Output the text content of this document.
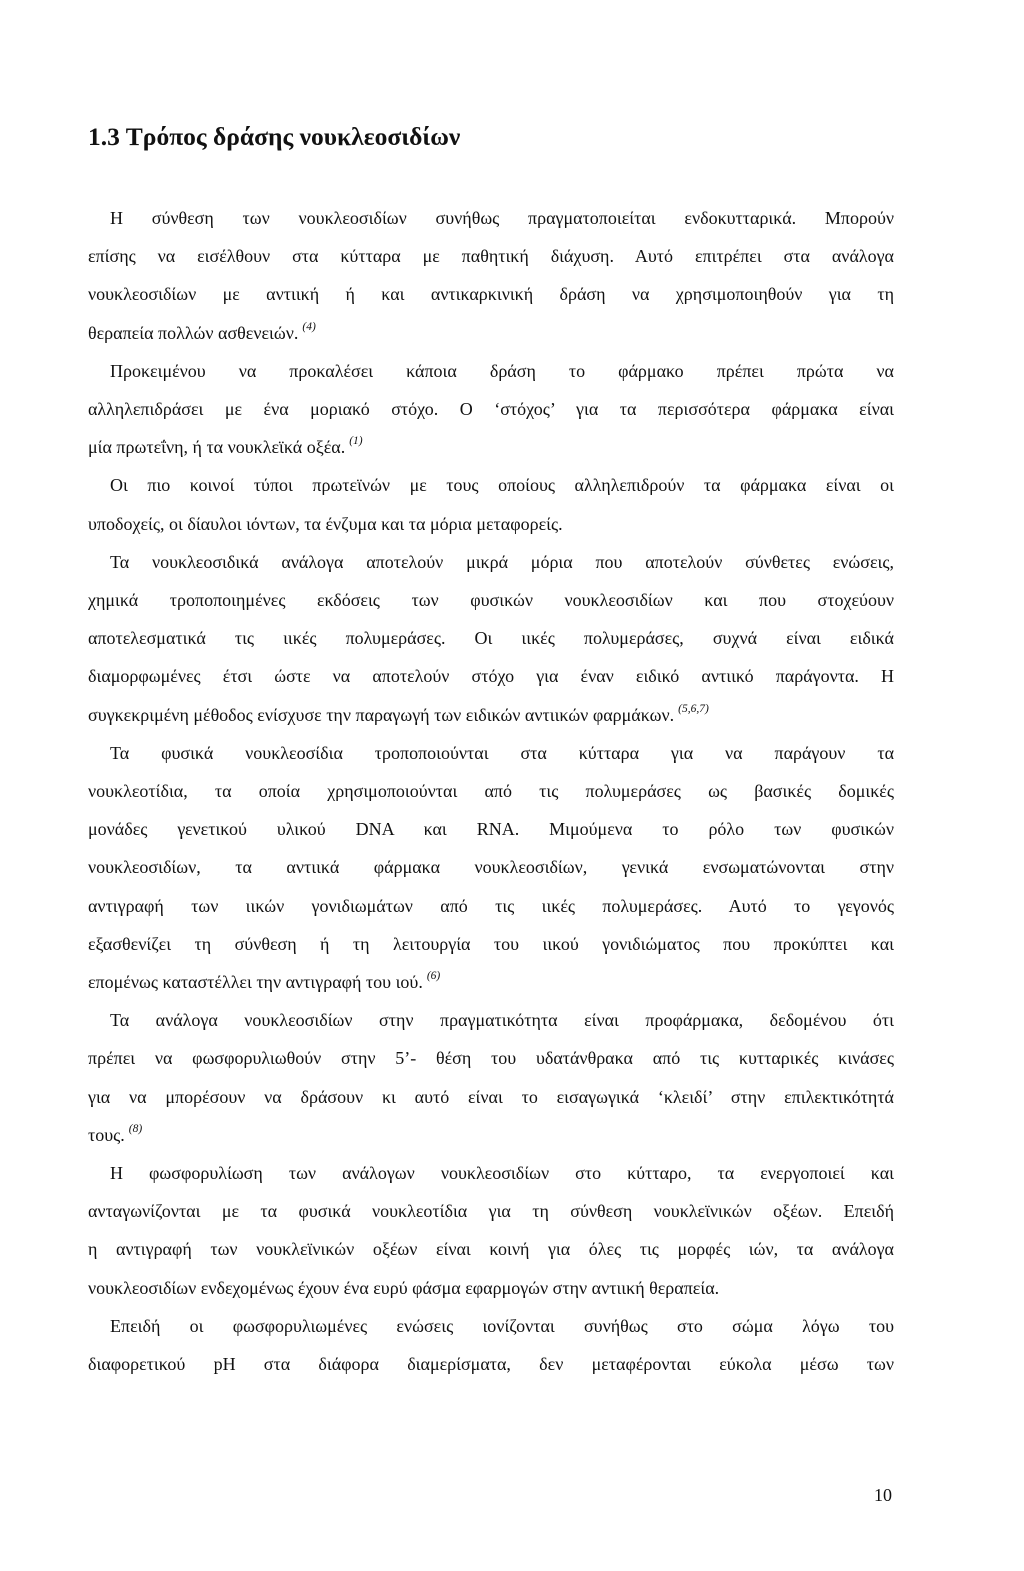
1.3 Τρόπος δράσης νουκλεοσιδίων

Η σύνθεση των νουκλεοσιδίων συνήθως πραγματοποιείται ενδοκυτταρικά. Μπορούν
επίσης να εισέλθουν στα κύτταρα με παθητική διάχυση. Αυτό επιτρέπει στα ανάλογα
νουκλεοσιδίων με αντιική ή και αντικαρκινική δράση να χρησιμοποιηθούν για τη
θεραπεία πολλών ασθενειών. $^{(4)}$

Προκειμένου να προκαλέσει κάποια δράση το φάρμακο πρέπει πρώτα να
αλληλεπιδράσει με ένα μοριακό στόχο. Ο ‘στόχος’ για τα περισσότερα φάρμακα είναι
μία πρωτεΐνη, ή τα νουκλεϊκά οξέα. $^{(1)}$

Οι πιο κοινοί τύποι πρωτεϊνών με τους οποίους αλληλεπιδρούν τα φάρμακα είναι οι
υποδοχείς, οι δίαυλοι ιόντων, τα ένζυμα και τα μόρια μεταφορείς.

Τα νουκλεοσιδικά ανάλογα αποτελούν μικρά μόρια που αποτελούν σύνθετες ενώσεις,
χημικά τροποποιημένες εκδόσεις των φυσικών νουκλεοσιδίων και που στοχεύουν
αποτελεσματικά τις ιικές πολυμεράσες. Οι ιικές πολυμεράσες, συχνά είναι ειδικά
διαμορφωμένες έτσι ώστε να αποτελούν στόχο για έναν ειδικό αντιικό παράγοντα. Η
συγκεκριμένη μέθοδος ενίσχυσε την παραγωγή των ειδικών αντιικών φαρμάκων. $^{(5,6,7)}$

Τα φυσικά νουκλεοσίδια τροποποιούνται στα κύτταρα για να παράγουν τα
νουκλεοτίδια, τα οποία χρησιμοποιούνται από τις πολυμεράσες ως βασικές δομικές
μονάδες γενετικού υλικού DNA και RNA. Μιμούμενα το ρόλο των φυσικών
νουκλεοσιδίων, τα αντιικά φάρμακα νουκλεοσιδίων, γενικά ενσωματώνονται στην
αντιγραφή των ιικών γονιδιωμάτων από τις ιικές πολυμεράσες. Αυτό το γεγονός
εξασθενίζει τη σύνθεση ή τη λειτουργία του ιικού γονιδιώματος που προκύπτει και
επομένως καταστέλλει την αντιγραφή του ιού. $^{(6)}$

Τα ανάλογα νουκλεοσιδίων στην πραγματικότητα είναι προφάρμακα, δεδομένου ότι
πρέπει να φωσφορυλιωθούν στην 5’- θέση του υδατάνθρακα από τις κυτταρικές κινάσες
για να μπορέσουν να δράσουν κι αυτό είναι το εισαγωγικά ‘κλειδί’ στην επιλεκτικότητά
τους. $^{(8)}$

Η φωσφορυλίωση των ανάλογων νουκλεοσιδίων στο κύτταρο, τα ενεργοποιεί και
ανταγωνίζονται με τα φυσικά νουκλεοτίδια για τη σύνθεση νουκλεϊνικών οξέων. Επειδή
η αντιγραφή των νουκλεϊνικών οξέων είναι κοινή για όλες τις μορφές ιών, τα ανάλογα
νουκλεοσιδίων ενδεχομένως έχουν ένα ευρύ φάσμα εφαρμογών στην αντιική θεραπεία.

Επειδή οι φωσφορυλιωμένες ενώσεις ιονίζονται συνήθως στο σώμα λόγω του
διαφορετικού pH στα διάφορα διαμερίσματα, δεν μεταφέρονται εύκολα μέσω των

10
